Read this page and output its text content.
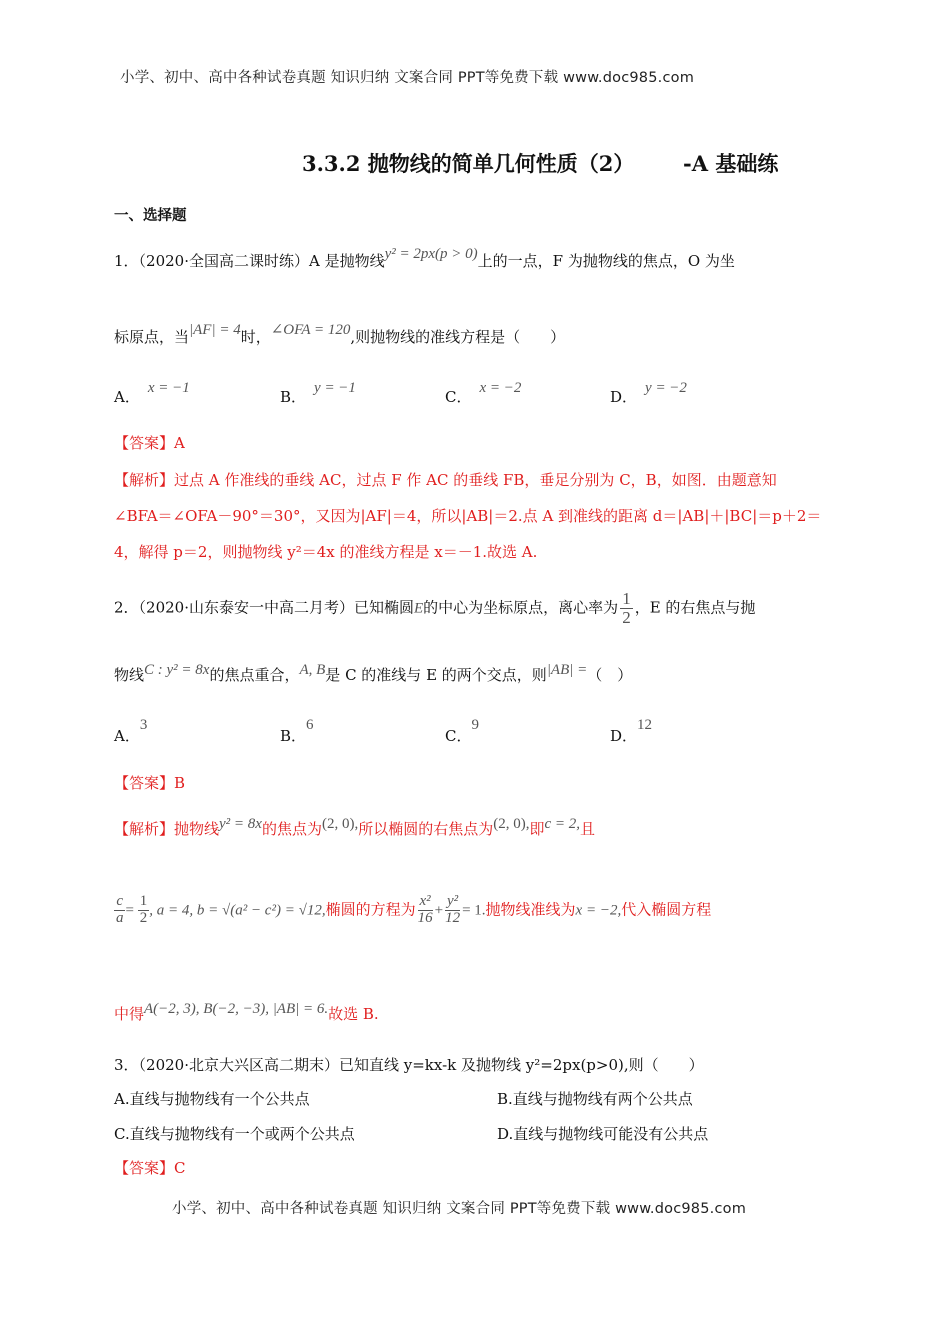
小学、初中、高中各种试卷真题 知识归纳 文案合同 PPT等免费下载 www.doc985.com
3.3.2 抛物线的简单几何性质（2） -A 基础练
一、选择题
1．（2020·全国高二课时练）A 是抛物线y² = 2px(p > 0)上的一点，F 为抛物线的焦点，O 为坐
标原点，当|AF| = 4时，∠OFA = 120,则抛物线的准线方程是（　　）
A． x = −1	B． y = −1	C． x = −2	D． y = −2
【答案】A
【解析】过点 A 作准线的垂线 AC，过点 F 作 AC 的垂线 FB，垂足分别为 C，B，如图．由题意知
∠BFA＝∠OFA－90°＝30°，又因为|AF|＝4，所以|AB|＝2.点 A 到准线的距离 d＝|AB|＋|BC|＝p＋2＝
4，解得 p＝2，则抛物线 y²＝4x 的准线方程是 x＝－1.故选 A.
2．（2020·山东泰安一中高二月考）已知椭圆E的中心为坐标原点，离心率为 $\frac{1}{2}$ ，E 的右焦点与抛
物线C : y² = 8x的焦点重合，A, B是 C 的准线与 E 的两个交点，则|AB| =（　）
A．3
B．6
C．9
D．12
【答案】B
【解析】抛物线y² = 8x的焦点为(2, 0),所以椭圆的右焦点为(2, 0),即c = 2,且
$\frac{c}{a} = \frac{1}{2}$ , a = 4, b = √(a² − c²) = √12,椭圆的方程为 $\frac{\text{x²}}{16} + \frac{\text{y²}}{12} = 1$.抛物线准线为x = −2,代入椭圆方程
中得A(−2, 3), B(−2, −3), |AB| = 6.故选 B.
3．（2020·北京大兴区高二期末）已知直线 y=kx-k 及抛物线 y²=2px(p>0),则（　　）
A.直线与抛物线有一个公共点	B.直线与抛物线有两个公共点
C.直线与抛物线有一个或两个公共点	D.直线与抛物线可能没有公共点
【答案】C
小学、初中、高中各种试卷真题 知识归纳 文案合同 PPT等免费下载 www.doc985.com
